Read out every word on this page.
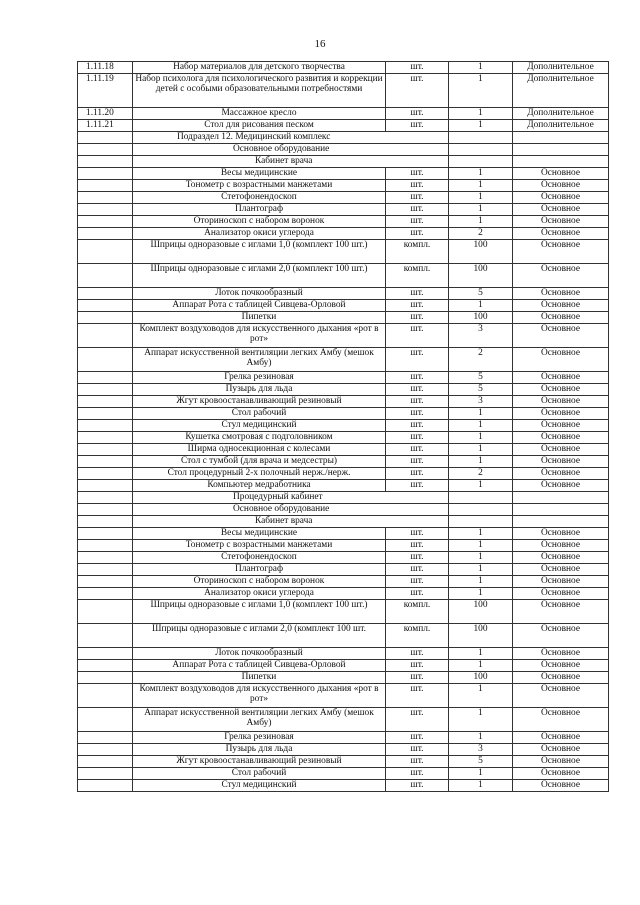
16
1.11.18	Набор материалов для детского творчества	шт.	1	Дополнительное
1.11.19	Набор психолога для психологического развития и коррекции детей с особыми образовательными потребностями	шт.	1	Дополнительное
1.11.20	Массажное кресло	шт.	1	Дополнительное
1.11.21	Стол для рисования песком	шт.	1	Дополнительное
	Подраздел 12. Медицинский комплекс			
	Основное оборудование			
	Кабинет врача			
	Весы медицинские	шт.	1	Основное
	Тонометр с возрастными манжетами	шт.	1	Основное
	Стетофонендоскоп	шт.	1	Основное
	Плантограф	шт.	1	Основное
	Оториноскоп с набором воронок	шт.	1	Основное
	Анализатор окиси углерода	шт.	2	Основное
	Шприцы одноразовые с иглами 1,0 (комплект 100 шт.)	компл.	100	Основное
	Шприцы одноразовые с иглами 2,0 (комплект 100 шт.)	компл.	100	Основное
	Лоток почкообразный	шт.	5	Основное
	Аппарат Рота с таблицей Сивцева-Орловой	шт.	1	Основное
	Пипетки	шт.	100	Основное
	Комплект воздуховодов для искусственного дыхания «рот в рот»	шт.	3	Основное
	Аппарат искусственной вентиляции легких Амбу (мешок Амбу)	шт.	2	Основное
	Грелка резиновая	шт.	5	Основное
	Пузырь для льда	шт.	5	Основное
	Жгут кровоостанавливающий резиновый	шт.	3	Основное
	Стол рабочий	шт.	1	Основное
	Стул медицинский	шт.	1	Основное
	Кушетка смотровая с подголовником	шт.	1	Основное
	Ширма односекционная с колесами	шт.	1	Основное
	Стол с тумбой (для врача и медсестры)	шт.	1	Основное
	Стол процедурный 2-х полочный нерж./нерж.	шт.	2	Основное
	Компьютер медработника	шт.	1	Основное
	Процедурный кабинет			
	Основное оборудование			
	Кабинет врача			
	Весы медицинские	шт.	1	Основное
	Тонометр с возрастными манжетами	шт.	1	Основное
	Стетофонендоскоп	шт.	1	Основное
	Плантограф	шт.	1	Основное
	Оториноскоп с набором воронок	шт.	1	Основное
	Анализатор окиси углерода	шт.	1	Основное
	Шприцы одноразовые с иглами 1,0 (комплект 100 шт.)	компл.	100	Основное
	Шприцы одноразовые с иглами 2,0 (комплект 100 шт.	компл.	100	Основное
	Лоток почкообразный	шт.	1	Основное
	Аппарат Рота с таблицей Сивцева-Орловой	шт.	1	Основное
	Пипетки	шт.	100	Основное
	Комплект воздуховодов для искусственного дыхания «рот в рот»	шт.	1	Основное
	Аппарат искусственной вентиляции легких Амбу (мешок Амбу)	шт.	1	Основное
	Грелка резиновая	шт.	1	Основное
	Пузырь для льда	шт.	3	Основное
	Жгут кровоостанавливающий резиновый	шт.	5	Основное
	Стол рабочий	шт.	1	Основное
	Стул медицинский	шт.	1	Основное
